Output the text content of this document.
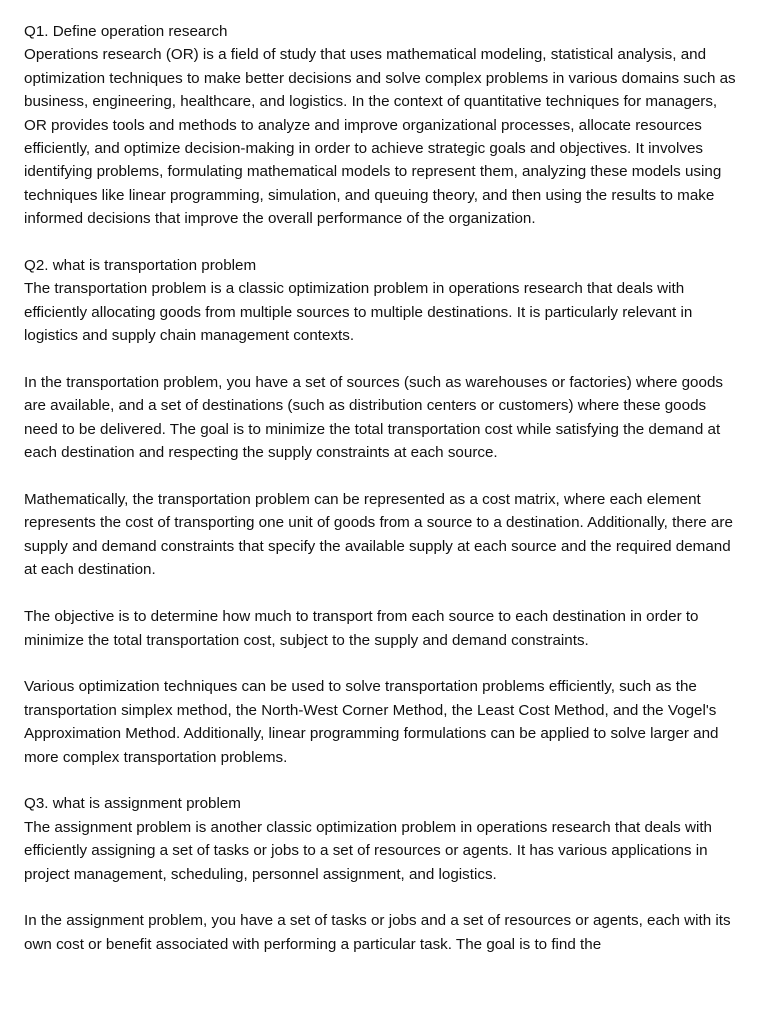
Q1. Define operation research

Operations research (OR) is a field of study that uses mathematical modeling, statistical analysis, and optimization techniques to make better decisions and solve complex problems in various domains such as business, engineering, healthcare, and logistics. In the context of quantitative techniques for managers, OR provides tools and methods to analyze and improve organizational processes, allocate resources efficiently, and optimize decision-making in order to achieve strategic goals and objectives. It involves identifying problems, formulating mathematical models to represent them, analyzing these models using techniques like linear programming, simulation, and queuing theory, and then using the results to make informed decisions that improve the overall performance of the organization.

Q2. what is transportation problem

The transportation problem is a classic optimization problem in operations research that deals with efficiently allocating goods from multiple sources to multiple destinations. It is particularly relevant in logistics and supply chain management contexts.

In the transportation problem, you have a set of sources (such as warehouses or factories) where goods are available, and a set of destinations (such as distribution centers or customers) where these goods need to be delivered. The goal is to minimize the total transportation cost while satisfying the demand at each destination and respecting the supply constraints at each source.

Mathematically, the transportation problem can be represented as a cost matrix, where each element represents the cost of transporting one unit of goods from a source to a destination. Additionally, there are supply and demand constraints that specify the available supply at each source and the required demand at each destination.

The objective is to determine how much to transport from each source to each destination in order to minimize the total transportation cost, subject to the supply and demand constraints.

Various optimization techniques can be used to solve transportation problems efficiently, such as the transportation simplex method, the North-West Corner Method, the Least Cost Method, and the Vogel's Approximation Method. Additionally, linear programming formulations can be applied to solve larger and more complex transportation problems.

Q3. what is assignment problem

The assignment problem is another classic optimization problem in operations research that deals with efficiently assigning a set of tasks or jobs to a set of resources or agents. It has various applications in project management, scheduling, personnel assignment, and logistics.

In the assignment problem, you have a set of tasks or jobs and a set of resources or agents, each with its own cost or benefit associated with performing a particular task. The goal is to find the
